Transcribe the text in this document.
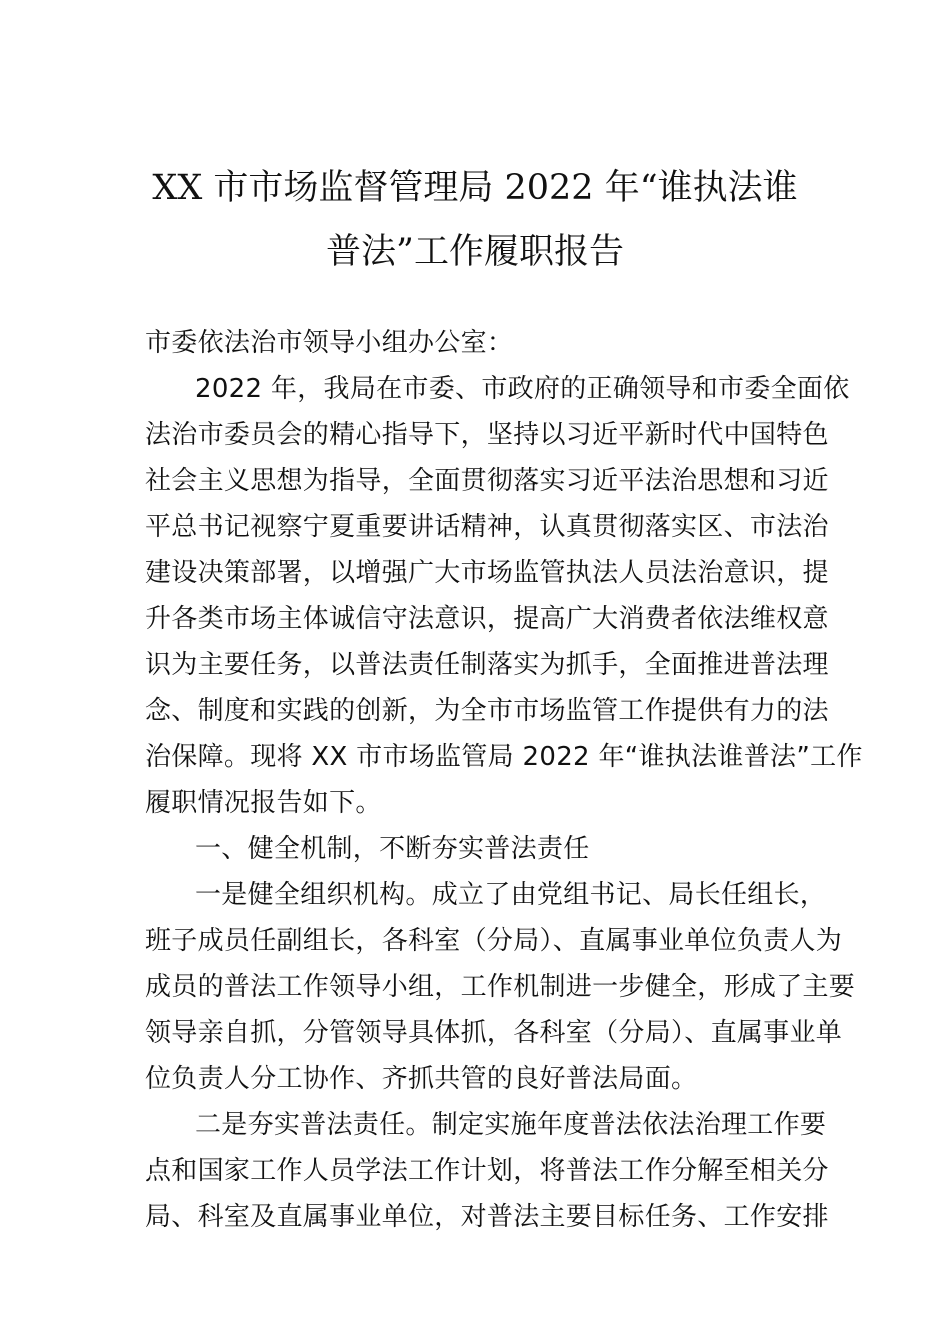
XX 市市场监督管理局 2022 年“谁执法谁
普法”工作履职报告
市委依法治市领导小组办公室：
2022 年，我局在市委、市政府的正确领导和市委全面依
法治市委员会的精心指导下，坚持以习近平新时代中国特色
社会主义思想为指导，全面贯彻落实习近平法治思想和习近
平总书记视察宁夏重要讲话精神，认真贯彻落实区、市法治
建设决策部署，以增强广大市场监管执法人员法治意识，提
升各类市场主体诚信守法意识，提高广大消费者依法维权意
识为主要任务，以普法责任制落实为抓手，全面推进普法理
念、制度和实践的创新，为全市市场监管工作提供有力的法
治保障。现将 XX 市市场监管局 2022 年“谁执法谁普法”工作
履职情况报告如下。
一、健全机制，不断夯实普法责任
一是健全组织机构。成立了由党组书记、局长任组长，
班子成员任副组长，各科室（分局）、直属事业单位负责人为
成员的普法工作领导小组，工作机制进一步健全，形成了主要
领导亲自抓，分管领导具体抓，各科室（分局）、直属事业单
位负责人分工协作、齐抓共管的良好普法局面。
二是夯实普法责任。制定实施年度普法依法治理工作要
点和国家工作人员学法工作计划，将普法工作分解至相关分
局、科室及直属事业单位，对普法主要目标任务、工作安排
